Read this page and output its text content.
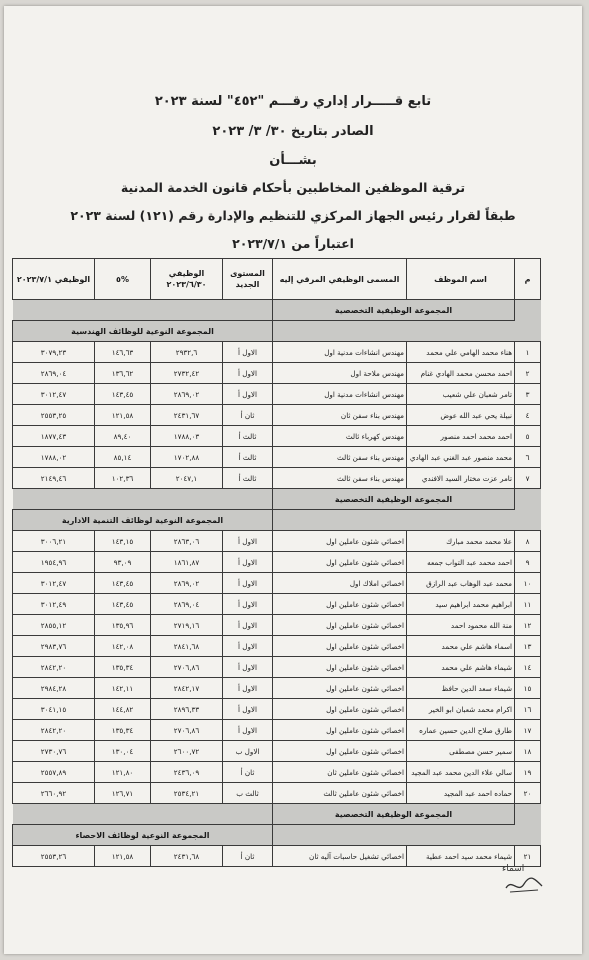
تابع قـــــرار إداري رقـــم "٤٥٢" لسنة ٢٠٢٣
الصادر بتاريخ ٣٠/ ٣/ ٢٠٢٣
بشـــأن
ترقية الموظفين المخاطبين بأحكام قانون الخدمة المدنية
طبقاً لقرار رئيس الجهاز المركزي للتنظيم والإدارة رقم (١٢١) لسنة ٢٠٢٣
اعتباراً من ٢٠٢٣/٧/١
م	اسم الموظف	المسمى الوظيفي المرقي إليه	المستوى الجديد	الوظيفي ٢٠٢٣/٦/٣٠	%٥	الوظيفي ٢٠٢٣/٧/١
	المجموعة الوظيفية التخصصية					
			المجموعة النوعية للوظائف الهندسية			
١	هناء محمد الهامي علي محمد	مهندس انشاءات مدنية اول	الاول أ	٢٩٣٢,٦	١٤٦,٦٣	٣٠٧٩,٢٣
٢	احمد محسن محمد الهادي غنام	مهندس ملاحة اول	الاول أ	٢٧٣٢,٤٢	١٣٦,٦٢	٢٨٦٩,٠٤
٣	تامر شعبان علي شعيب	مهندس انشاءات مدنية اول	الاول أ	٢٨٦٩,٠٢	١٤٣,٤٥	٣٠١٢,٤٧
٤	نبيلة يحي عبد الله عوض	مهندس بناء سفن ثان	ثان أ	٢٤٣١,٦٧	١٢١,٥٨	٢٥٥٣,٢٥
٥	احمد محمد احمد منصور	مهندس كهرباء ثالث	ثالث أ	١٧٨٨,٠٣	٨٩,٤٠	١٨٧٧,٤٣
٦	محمد منصور عبد الغني عبد الهادي	مهندس بناء سفن ثالث	ثالث أ	١٧٠٢,٨٨	٨٥,١٤	١٧٨٨,٠٢
٧	تامر عزت مختار السيد الافندي	مهندس بناء سفن ثالث	ثالث أ	٢٠٤٧,١	١٠٢,٣٦	٢١٤٩,٤٦
	المجموعة الوظيفية التخصصية					
			المجموعة النوعية لوظائف التنمية الادارية			
٨	علا محمد محمد مبارك	اخصائي شئون عاملين اول	الاول أ	٢٨٦٣,٠٦	١٤٣,١٥	٣٠٠٦,٢١
٩	احمد محمد عبد التواب جمعه	اخصائي شئون عاملين اول	الاول أ	١٨٦١,٨٧	٩٣,٠٩	١٩٥٤,٩٦
١٠	محمد عبد الوهاب عبد الرازق	اخصائي املاك اول	الاول أ	٢٨٦٩,٠٢	١٤٣,٤٥	٣٠١٢,٤٧
١١	ابراهيم محمد ابراهيم سيد	اخصائي شئون عاملين اول	الاول أ	٢٨٦٩,٠٤	١٤٣,٤٥	٣٠١٢,٤٩
١٢	منة الله محمود احمد	اخصائي شئون عاملين اول	الاول أ	٢٧١٩,١٦	١٣٥,٩٦	٢٨٥٥,١٢
١٣	اسماء هاشم علي محمد	اخصائي شئون عاملين اول	الاول أ	٢٨٤١,٦٨	١٤٢,٠٨	٢٩٨٣,٧٦
١٤	شيماء هاشم علي محمد	اخصائي شئون عاملين اول	الاول أ	٢٧٠٦,٨٦	١٣٥,٣٤	٢٨٤٢,٢٠
١٥	شيماء سعد الدين حافظ	اخصائي شئون عاملين اول	الاول أ	٢٨٤٢,١٧	١٤٢,١١	٢٩٨٤,٢٨
١٦	اكرام محمد شعبان ابو الخير	اخصائي شئون عاملين اول	الاول أ	٢٨٩٦,٣٣	١٤٤,٨٢	٣٠٤١,١٥
١٧	طارق صلاح الدين حسين عماره	اخصائي شئون عاملين اول	الاول أ	٢٧٠٦,٨٦	١٣٥,٣٤	٢٨٤٢,٢٠
١٨	سمير حسن مصطفى	اخصائي شئون عاملين اول	الاول ب	٢٦٠٠,٧٢	١٣٠,٠٤	٢٧٣٠,٧٦
١٩	سالي علاء الدين محمد عبد المجيد	اخصائي شئون عاملين ثان	ثان أ	٢٤٣٦,٠٩	١٢١,٨٠	٢٥٥٧,٨٩
٢٠	حماده احمد عبد المجيد	اخصائي شئون عاملين ثالث	ثالث ب	٢٥٣٤,٢١	١٢٦,٧١	٢٦٦٠,٩٢
	المجموعة الوظيفية التخصصية					
			المجموعة النوعية لوظائف الاحصاء			
٢١	شيماء محمد سيد احمد عطية	اخصائي تشغيل حاسبات آليه ثان	ثان أ	٢٤٣١,٦٨	١٢١,٥٨	٢٥٥٣,٢٦
اسماء
